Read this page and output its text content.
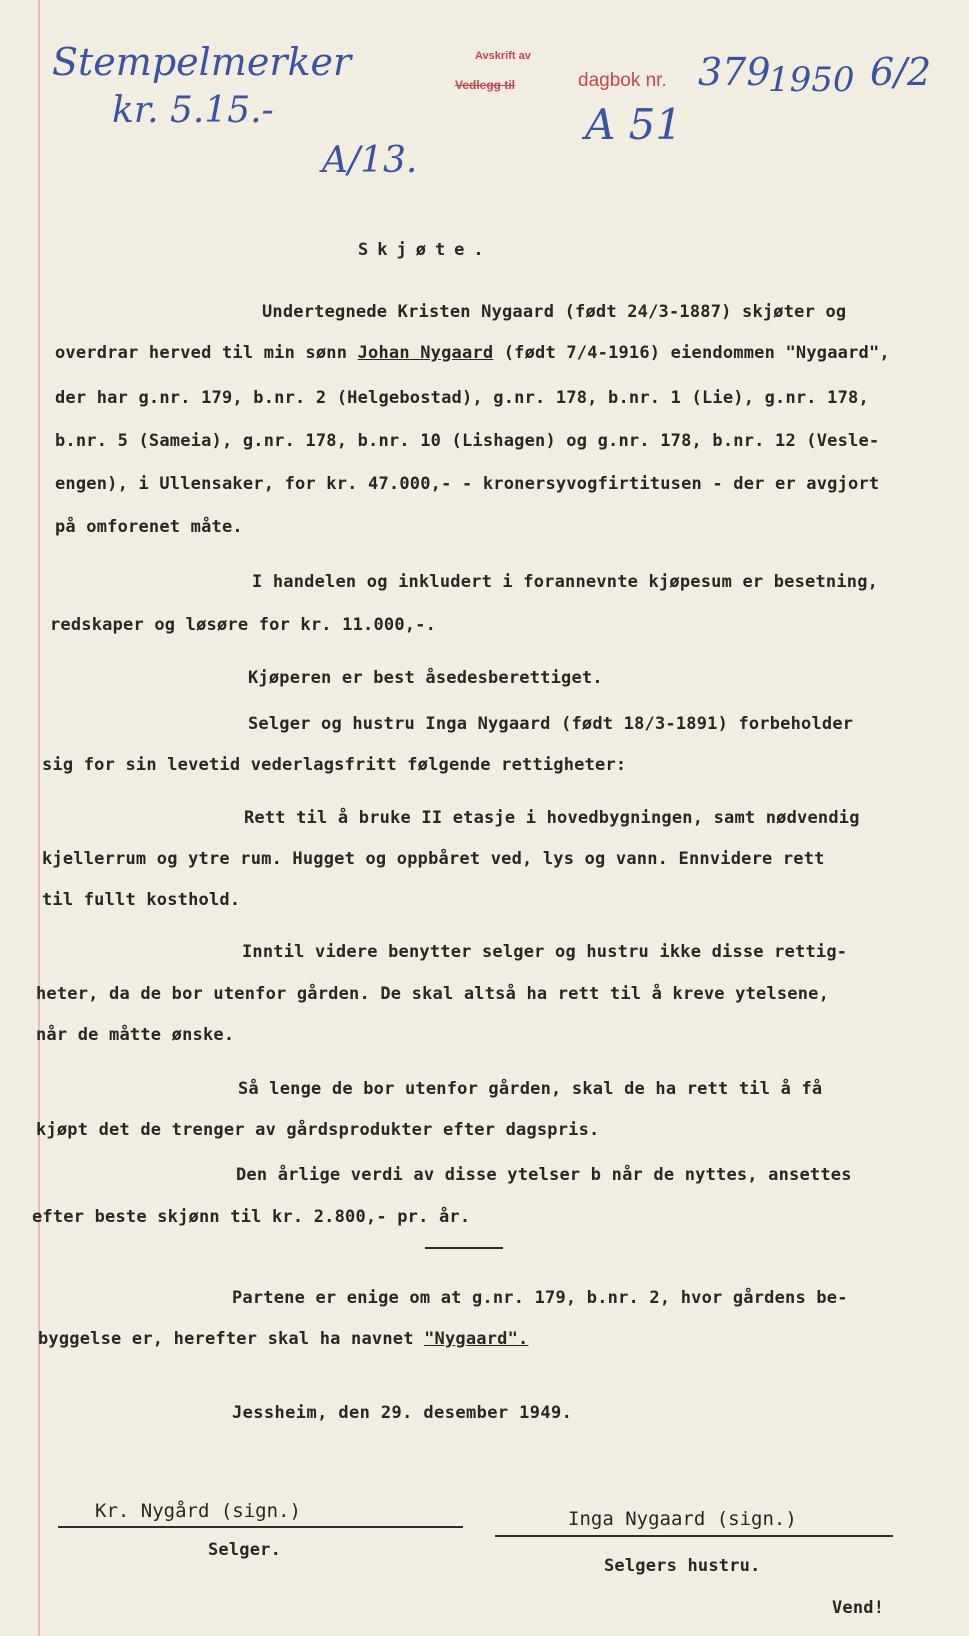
Stempelmerker
kr. 5.15.-
A/13.
Avskrift av
Vedlegg til	dagbok nr. 379
1950 6/2
A 51
Skjøte.
Undertegnede Kristen Nygaard (født 24/3-1887) skjøter og
overdrar herved til min sønn Johan Nygaard (født 7/4-1916) eiendommen "Nygaard",
der har g.nr. 179, b.nr. 2 (Helgebostad), g.nr. 178, b.nr. 1 (Lie), g.nr. 178,
b.nr. 5 (Sameia), g.nr. 178, b.nr. 10 (Lishagen) og g.nr. 178, b.nr. 12 (Vesle-
engen), i Ullensaker, for kr. 47.000,- - kronersyvogfirtitusen - der er avgjort
på omforenet måte.
I handelen og inkludert i forannevnte kjøpesum er besetning,
redskaper og løsøre for kr. 11.000,-.
Kjøperen er best åsedesberettiget.
Selger og hustru Inga Nygaard (født 18/3-1891) forbeholder
sig for sin levetid vederlagsfritt følgende rettigheter:
Rett til å bruke II etasje i hovedbygningen, samt nødvendig
kjellerrum og ytre rum. Hugget og oppbåret ved, lys og vann. Ennvidere rett
til fullt kosthold.
Inntil videre benytter selger og hustru ikke disse rettig-
heter, da de bor utenfor gården. De skal altså ha rett til å kreve ytelsene,
når de måtte ønske.
Så lenge de bor utenfor gården, skal de ha rett til å få
kjøpt det de trenger av gårdsprodukter efter dagspris.
Den årlige verdi av disse ytelser b når de nyttes, ansettes
efter beste skjønn til kr. 2.800,- pr. år.
Partene er enige om at g.nr. 179, b.nr. 2, hvor gårdens be-
byggelse er, herefter skal ha navnet "Nygaard".
Jessheim, den 29. desember 1949.
Kr. Nygård (sign.)
Selger.
Inga Nygaard (sign.)
Selgers hustru.
Vend!
